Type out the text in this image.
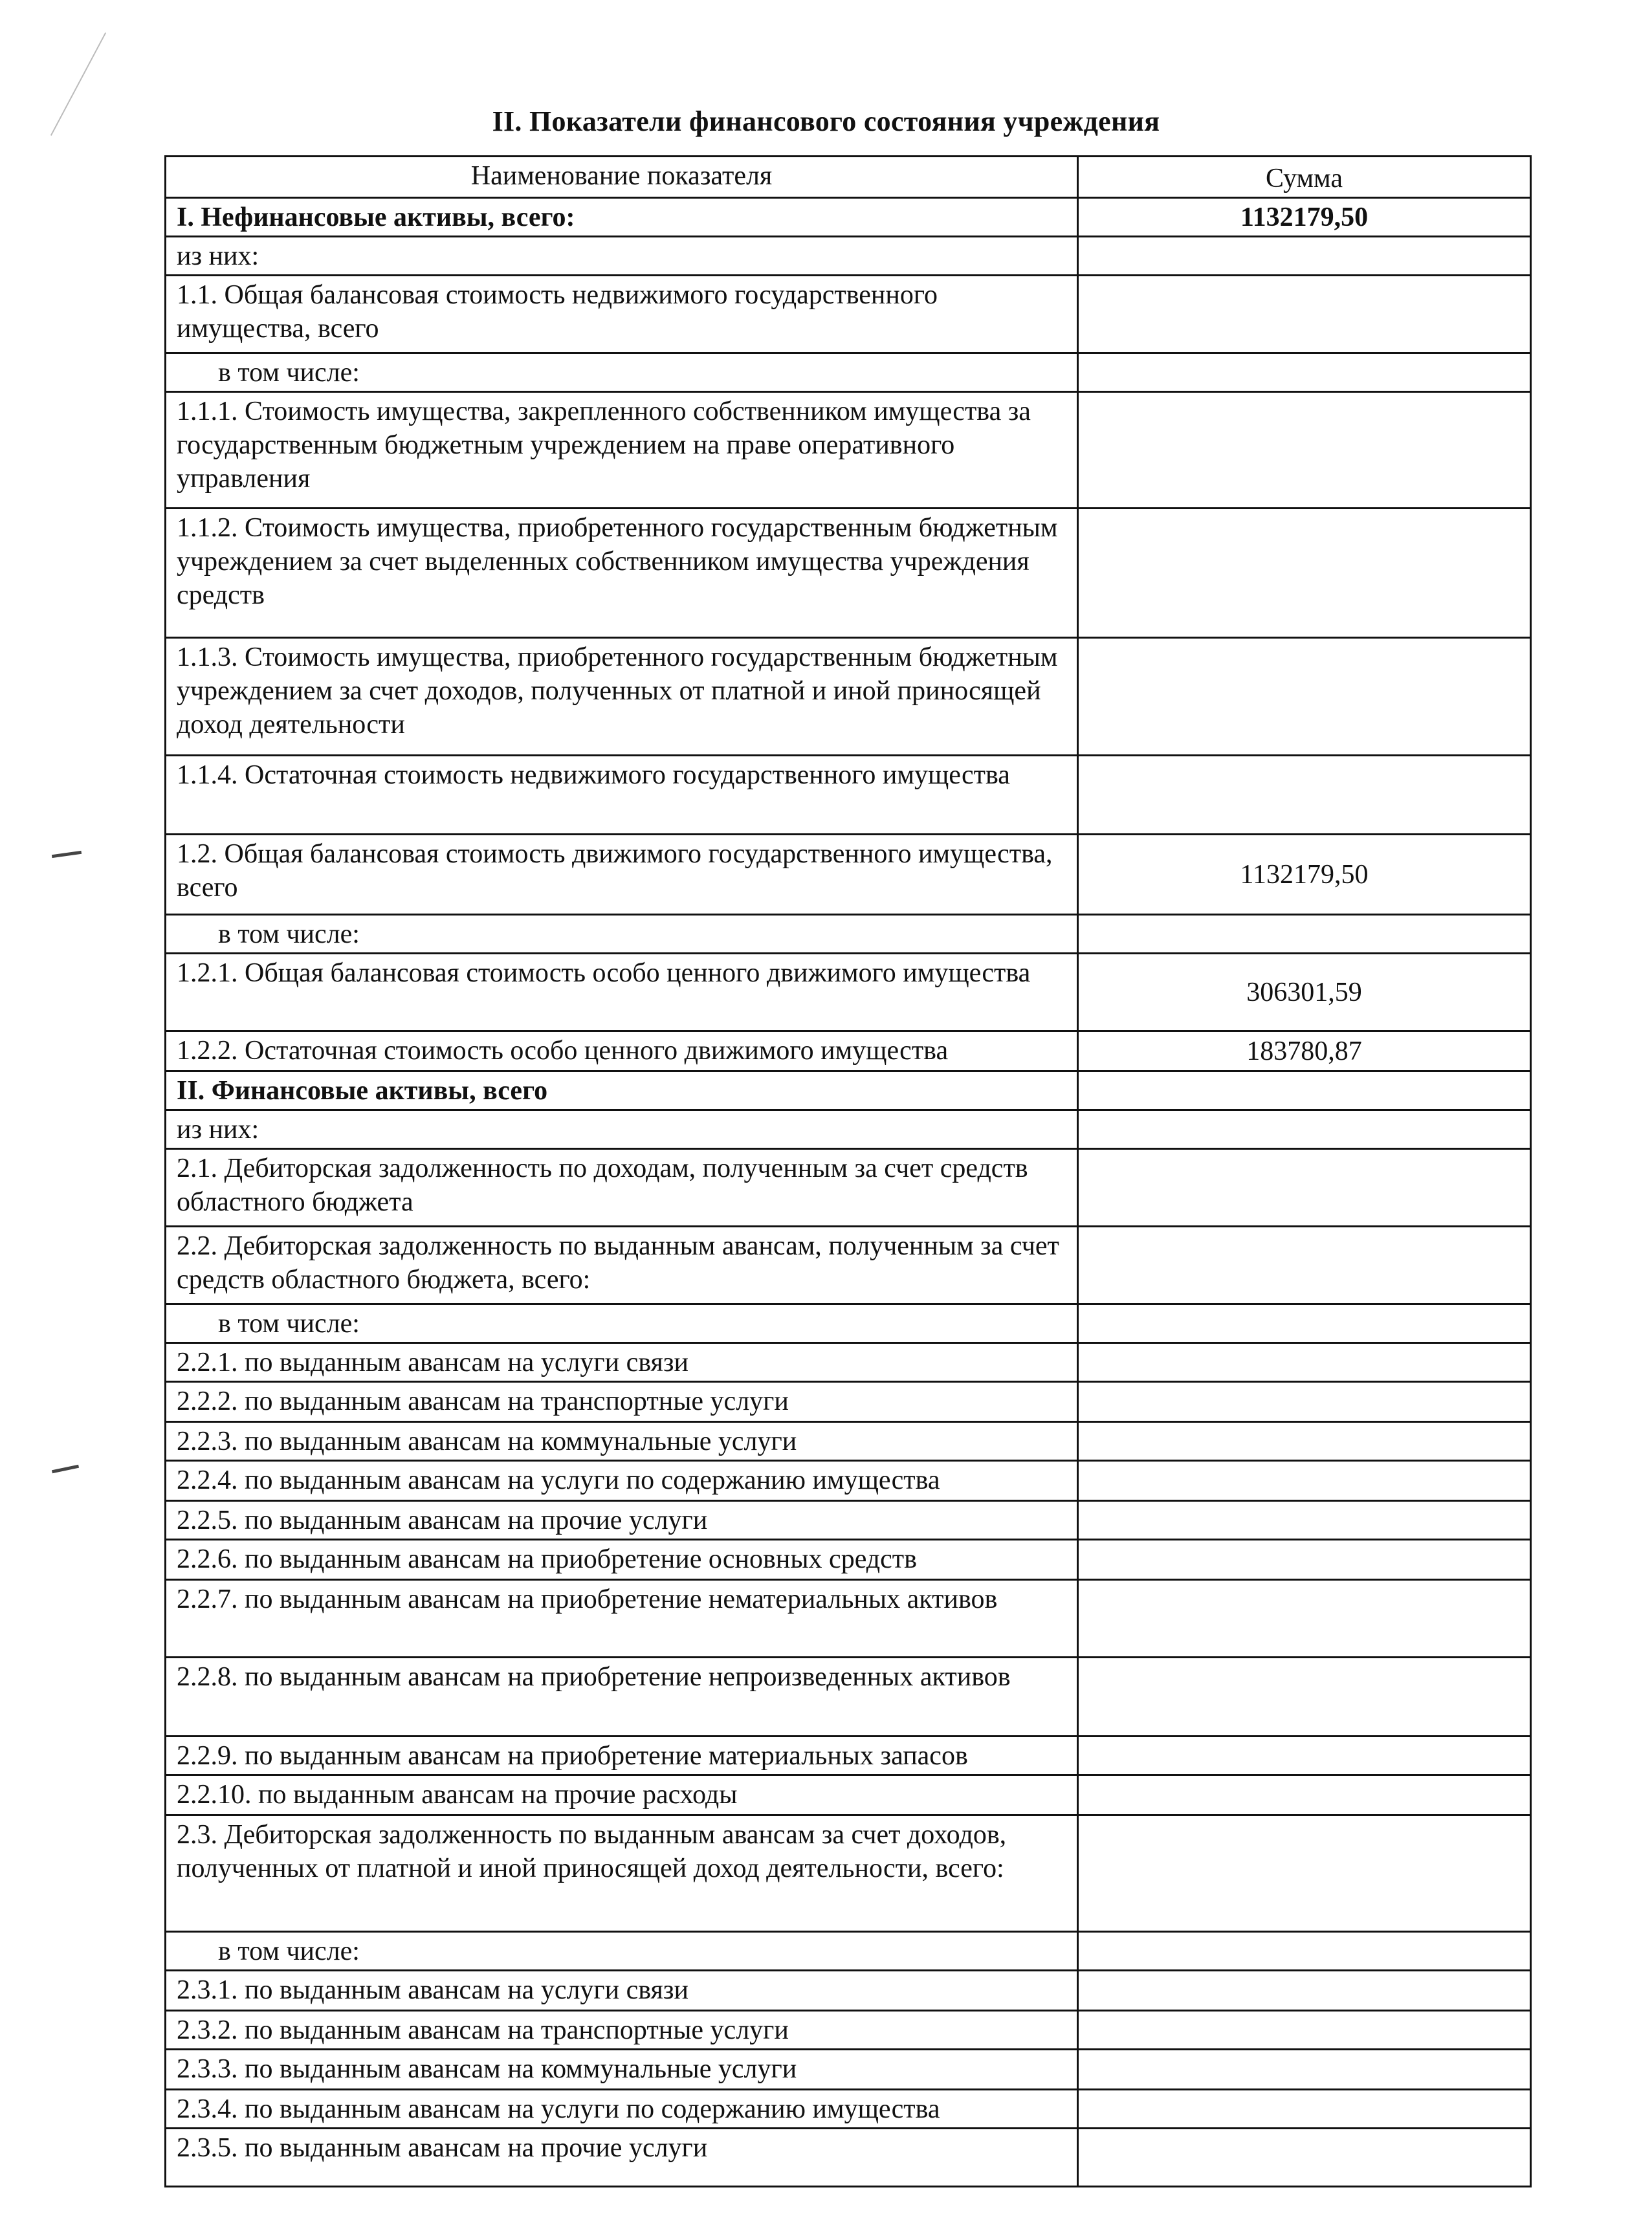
II. Показатели финансового состояния учреждения
Наименование показателя	Сумма
I. Нефинансовые активы, всего:	1132179,50
из них:	
1.1. Общая балансовая стоимость недвижимого государственного имущества, всего	
в том числе:	
1.1.1. Стоимость имущества, закрепленного собственником имущества за государственным бюджетным учреждением на праве оперативного управления	
1.1.2. Стоимость имущества, приобретенного государственным бюджетным учреждением за счет выделенных собственником имущества учреждения средств	
1.1.3. Стоимость имущества, приобретенного государственным бюджетным учреждением за счет доходов, полученных от платной и иной приносящей доход деятельности	
1.1.4. Остаточная стоимость недвижимого государственного имущества	
1.2. Общая балансовая стоимость движимого государственного имущества, всего	1132179,50
в том числе:	
1.2.1. Общая балансовая стоимость особо ценного движимого имущества	306301,59
1.2.2. Остаточная стоимость особо ценного движимого имущества	183780,87
II. Финансовые активы, всего	
из них:	
2.1. Дебиторская задолженность по доходам, полученным за счет средств областного бюджета	
2.2. Дебиторская задолженность по выданным авансам, полученным за счет средств областного бюджета, всего:	
в том числе:	
2.2.1. по выданным авансам на услуги связи	
2.2.2. по выданным авансам на транспортные услуги	
2.2.3. по выданным авансам на коммунальные услуги	
2.2.4. по выданным авансам на услуги по содержанию имущества	
2.2.5. по выданным авансам на прочие услуги	
2.2.6. по выданным авансам на приобретение основных средств	
2.2.7. по выданным авансам на приобретение нематериальных активов	
2.2.8. по выданным авансам на приобретение непроизведенных активов	
2.2.9. по выданным авансам на приобретение материальных запасов	
2.2.10. по выданным авансам на прочие расходы	
2.3. Дебиторская задолженность по выданным авансам за счет доходов, полученных от платной и иной приносящей доход деятельности, всего:	
в том числе:	
2.3.1. по выданным авансам на услуги связи	
2.3.2. по выданным авансам на транспортные услуги	
2.3.3. по выданным авансам на коммунальные услуги	
2.3.4. по выданным авансам на услуги по содержанию имущества	
2.3.5. по выданным авансам на прочие услуги	
